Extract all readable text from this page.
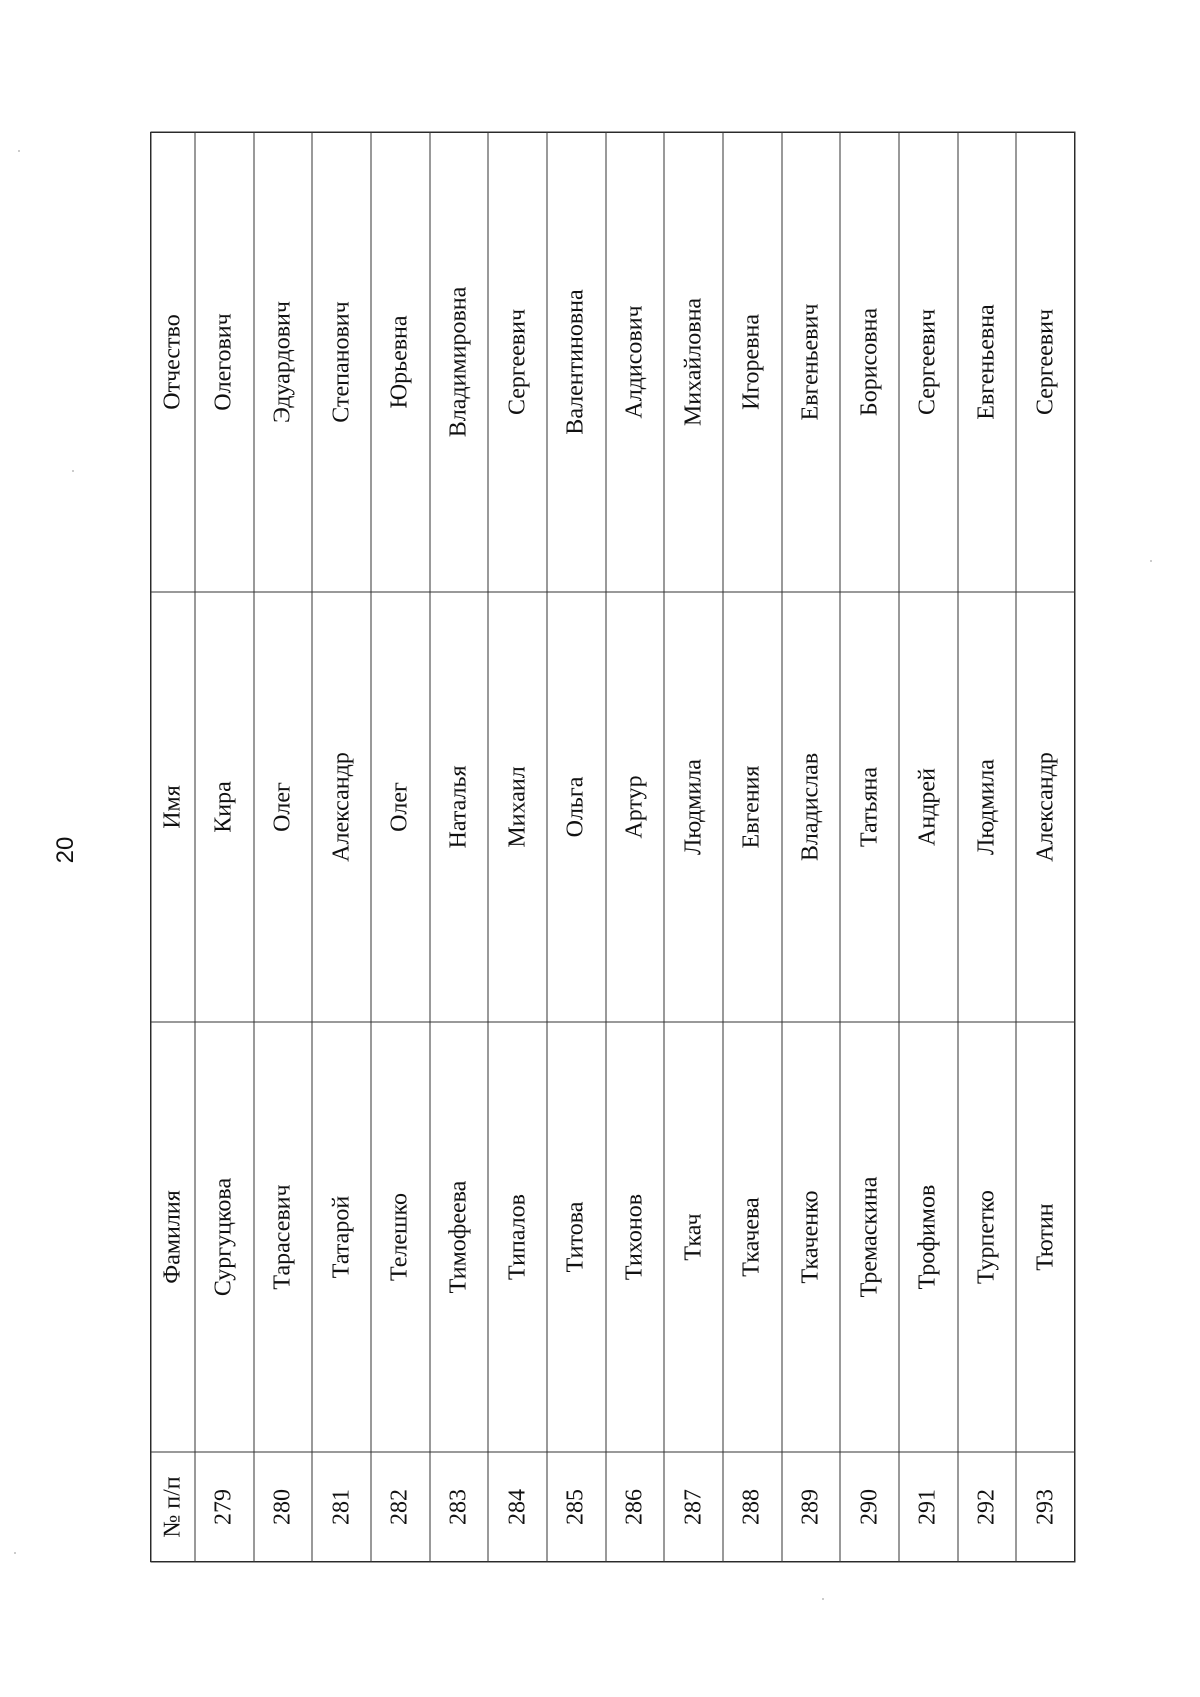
20
№ п/п	Фамилия	Имя	Отчество
279	Сургуцкова	Кира	Олегович
280	Тарасевич	Олег	Эдуардович
281	Татарой	Александр	Степанович
282	Телешко	Олег	Юрьевна
283	Тимофеева	Наталья	Владимировна
284	Типалов	Михаил	Сергеевич
285	Титова	Ольга	Валентиновна
286	Тихонов	Артур	Алдисович
287	Ткач	Людмила	Михайловна
288	Ткачева	Евгения	Игоревна
289	Ткаченко	Владислав	Евгеньевич
290	Тремаскина	Татьяна	Борисовна
291	Трофимов	Андрей	Сергеевич
292	Турпетко	Людмила	Евгеньевна
293	Тютин	Александр	Сергеевич
